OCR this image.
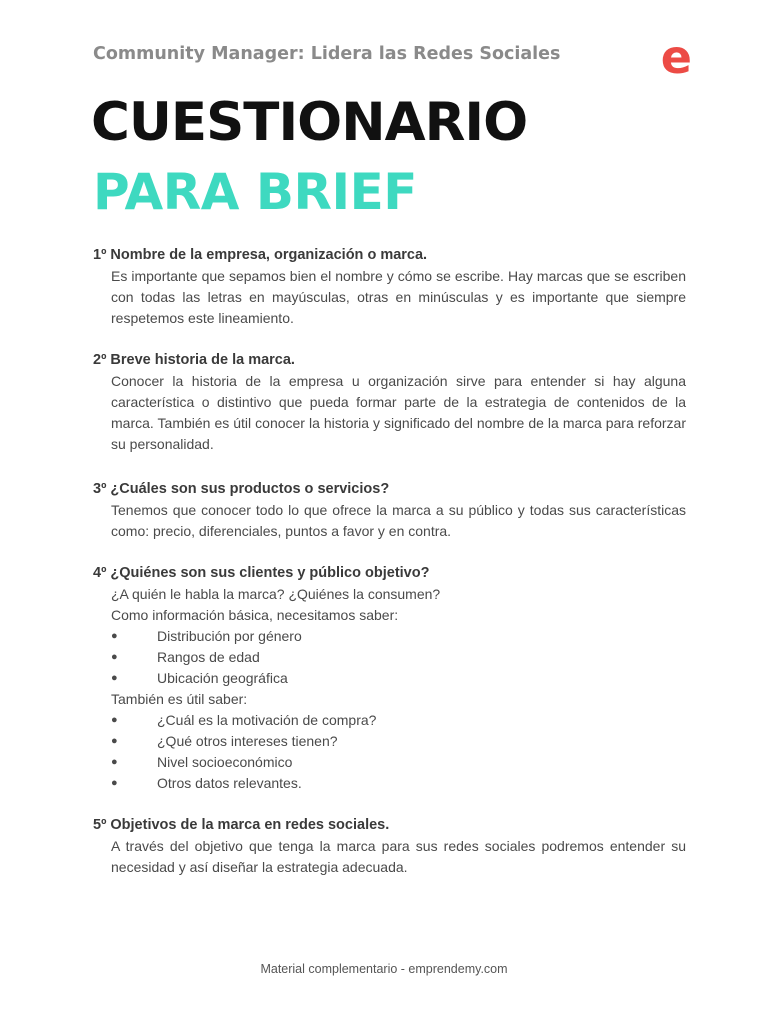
Community Manager: Lidera las Redes Sociales e
CUESTIONARIO
PARA BRIEF

1º Nombre de la empresa, organización o marca.

Es importante que sepamos bien el nombre y cómo se escribe. Hay marcas que se escriben con todas las letras en mayúsculas, otras en minúsculas y es importante que siempre respetemos este lineamiento.

2º Breve historia de la marca.

Conocer la historia de la empresa u organización sirve para entender si hay alguna característica o distintivo que pueda formar parte de la estrategia de contenidos de la marca. También es útil conocer la historia y significado del nombre de la marca para reforzar su personalidad.

3º ¿Cuáles son sus productos o servicios?

Tenemos que conocer todo lo que ofrece la marca a su público y todas sus características como: precio, diferenciales, puntos a favor y en contra.

4º ¿Quiénes son sus clientes y público objetivo?

¿A quién le habla la marca? ¿Quiénes la consumen?
Como información básica, necesitamos saber:
●	Distribución por género
●	Rangos de edad
●	Ubicación geográfica
También es útil saber:
●	¿Cuál es la motivación de compra?
●	¿Qué otros intereses tienen?
●	Nivel socioeconómico
●	Otros datos relevantes.

5º Objetivos de la marca en redes sociales.

A través del objetivo que tenga la marca para sus redes sociales podremos entender su necesidad y así diseñar la estrategia adecuada.
Material complementario - emprendemy.com
